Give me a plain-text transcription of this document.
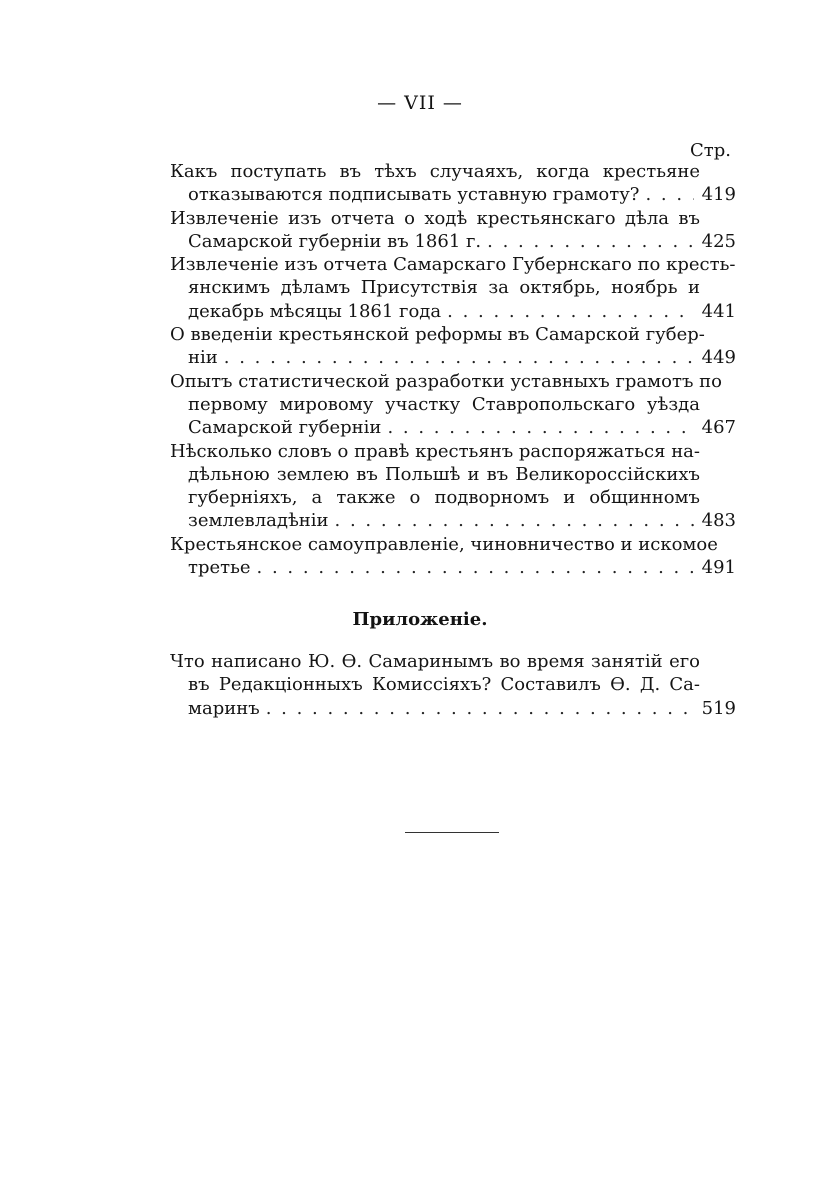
— VII —
Стр.
Какъ поступать въ тѣхъ случаяхъ, когда крестьяне
отказываются подписывать уставную грамоту? . . .	419
Извлеченіе изъ отчета о ходѣ крестьянскаго дѣла въ
Самарской губерніи въ 1861 г. . . .	425
Извлеченіе изъ отчета Самарскаго Губернскаго по кресть-
янскимъ дѣламъ Присутствія за октябрь, ноябрь и
декабрь мѣсяцы 1861 года . . .	441
О введеніи крестьянской реформы въ Самарской губер-
ніи . . .	449
Опытъ статистической разработки уставныхъ грамотъ по
первому мировому участку Ставропольскаго уѣзда
Самарской губерніи . . .	467
Нѣсколько словъ о правѣ крестьянъ распоряжаться на-
дѣльною землею въ Польшѣ и въ Великороссійскихъ
губерніяхъ, а также о подворномъ и общинномъ
землевладѣніи . . .	483
Крестьянское самоуправленіе, чиновничество и искомое
третье . . .	491
Приложеніе.
Что написано Ю. Ѳ. Самаринымъ во время занятій его
въ Редакціонныхъ Комиссіяхъ? Составилъ Ѳ. Д. Са-
маринъ . . .	519
